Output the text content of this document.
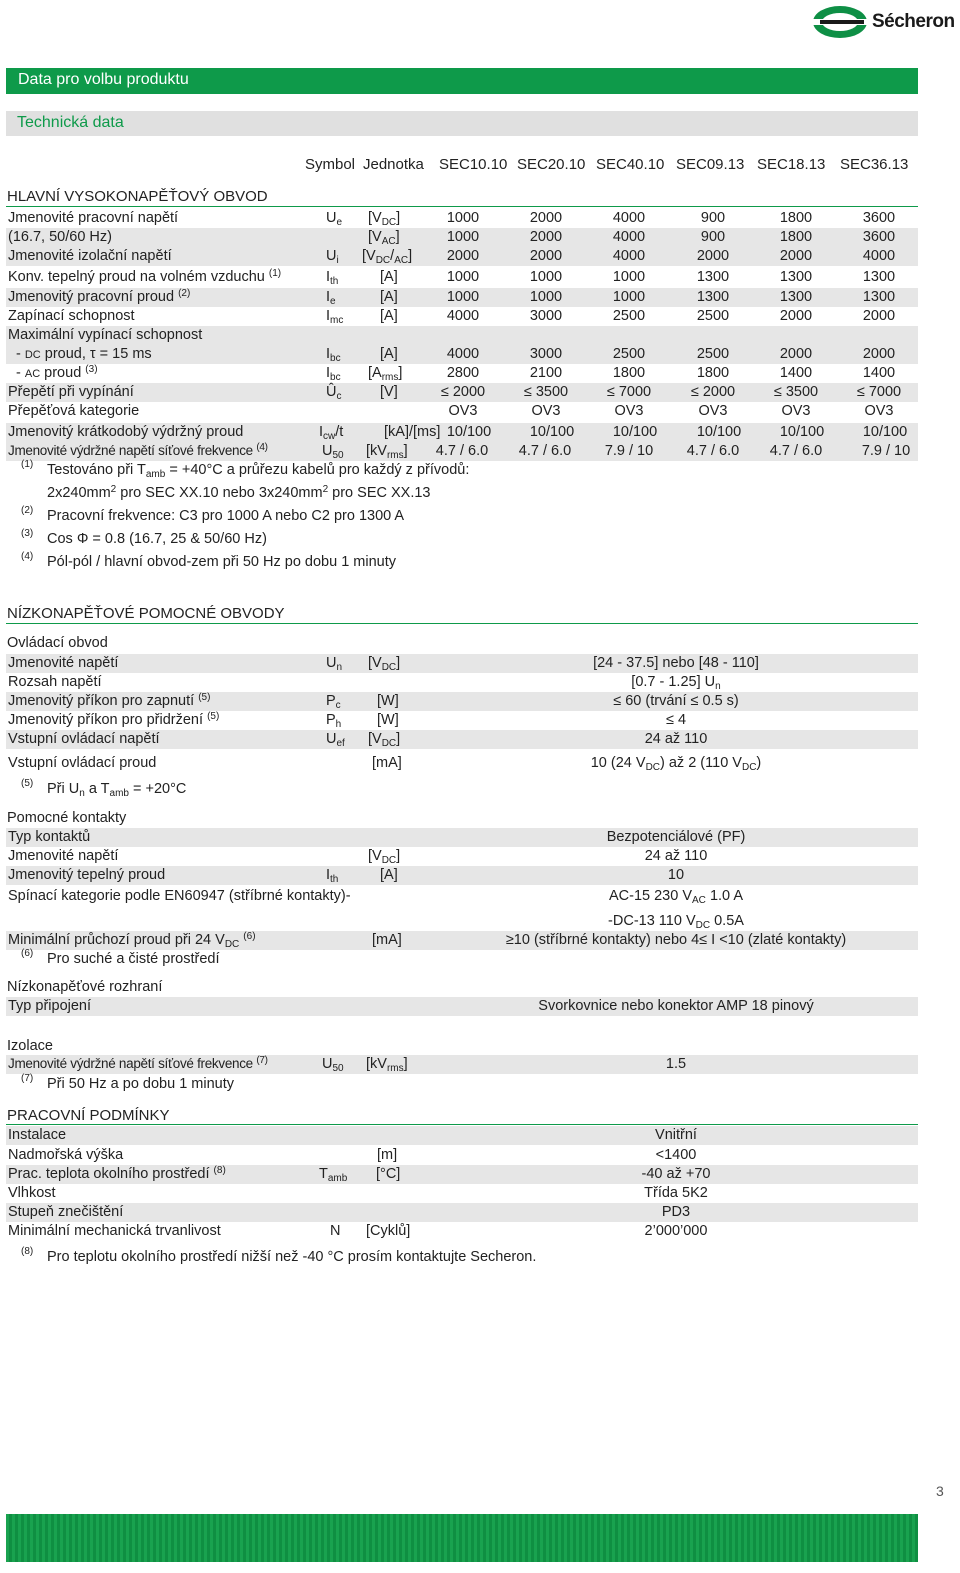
Sécheron
Data pro volbu produktu
Technická data
Symbol Jednotka SEC10.10 SEC20.10 SEC40.10 SEC09.13 SEC18.13 SEC36.13
HLAVNÍ VYSOKONAPĚŤOVÝ OBVOD
Jmenovité pracovní napětí	$U_e$ $[V_{DC}]$	1000	2000	4000	900	1800	3600
(16.7, 50/60 Hz)	$[V_{AC}]$	1000	2000	4000	900	1800	3600
Jmenovité izolační napětí	$U_i$ $[V_{DC}/_{AC}]$	2000	2000	4000	2000	2000	4000
Konv. tepelný proud na volném vzduchu $^{(1)}$	$I_{th}$	[A]	1000	1000	1000	1300	1300	1300
Jmenovitý pracovní proud $^{(2)}$	$I_e$	[A]	1000	1000	1000	1300	1300	1300
Zapínací schopnost	$I_{mc}$	[A]	4000	3000	2500	2500	2000	2000
Maximální vypínací schopnost
- DC proud, τ = 15 ms	$I_{bc}$	[A]	4000	3000	2500	2500	2000	2000
- AC proud $^{(3)}$	$I_{bc}$ $[A_{rms}]$	2800	2100	1800	1800	1400	1400
Přepětí při vypínání	$Û_c$	[V]	≤ 2000	≤ 3500	≤ 7000	≤ 2000	≤ 3500	≤ 7000
Přepěťová kategorie	OV3	OV3	OV3	OV3	OV3	OV3
Jmenovitý krátkodobý výdržný proud	$I_{cw}/t$	[kA]/[ms] 10/100	10/100	10/100	10/100	10/100	10/100
Jmenovité výdržné napětí síťové frekvence $^{(4)}$	$U_{50}$ $[kV_{rms}]$	4.7 / 6.0	4.7 / 6.0	7.9 / 10	4.7 / 6.0	4.7 / 6.0	7.9 / 10
(1) Testováno při $T_{amb} = +40^\circ C$ a průřezu kabelů pro každý z přívodů:
$2x240mm^2$ pro SEC XX.10 nebo $3x240mm^2$ pro SEC XX.13
(2) Pracovní frekvence: C3 pro 1000 A nebo C2 pro 1300 A
(3) Cos Φ = 0.8 (16.7, 25 & 50/60 Hz)
(4) Pól-pól / hlavní obvod-zem při 50 Hz po dobu 1 minuty
NÍZKONAPĚŤOVÉ POMOCNÉ OBVODY
Ovládací obvod
Jmenovité napětí	$U_n$ $[V_{DC}]$	[24 - 37.5] nebo [48 - 110]
Rozsah napětí	[0.7 - 1.25] $U_n$
Jmenovitý příkon pro zapnutí $^{(5)}$	$P_c$	[W]	≤ 60 (trvání ≤ 0.5 s)
Jmenovitý příkon pro přidržení $^{(5)}$	$P_h$ [W]	≤ 4
Vstupní ovládací napětí	$U_{ef}$ $[V_{DC}]$	24 až 110
Vstupní ovládací proud	[mA]	10 (24 $V_{DC}$) až 2 (110 $V_{DC}$)
(5) Při $U_n$ a $T_{amb} = +20^\circ C$
Pomocné kontakty
Typ kontaktů	Bezpotenciálové (PF)
Jmenovité napětí	$[V_{DC}]$	24 až 110
Jmenovitý tepelný proud	$I_{th}$	[A]	10
Spínací kategorie podle EN60947 (stříbrné kontakty)-	AC-15 230 $V_{AC}$ 1.0 A
-DC-13 110 $V_{DC}$ 0.5A
Minimální průchozí proud při 24 $V_{DC}$ $^{(6)}$	[mA]	≥10 (stříbrné kontakty) nebo 4≤ I <10 (zlaté kontakty)
(6) Pro suché a čisté prostředí
Nízkonapěťové rozhraní
Typ připojení	Svorkovnice nebo konektor AMP 18 pinový
Izolace
Jmenovité výdržné napětí síťové frekvence $^{(7)}$	$U_{50}$ $[kV_{rms}]$	1.5
(7) Při 50 Hz a po dobu 1 minuty
PRACOVNÍ PODMÍNKY
Instalace	Vnitřní
Nadmořská výška	[m]	<1400
Prac. teplota okolního prostředí $^{(8)}$	$T_{amb}$ [°C]	-40 až +70
Vlhkost	Třída 5K2
Stupeň znečištění	PD3
Minimální mechanická trvanlivost	N [Cyklů]	2’000’000
(8) Pro teplotu okolního prostředí nižší než -40 °C prosím kontaktujte Secheron.
3
